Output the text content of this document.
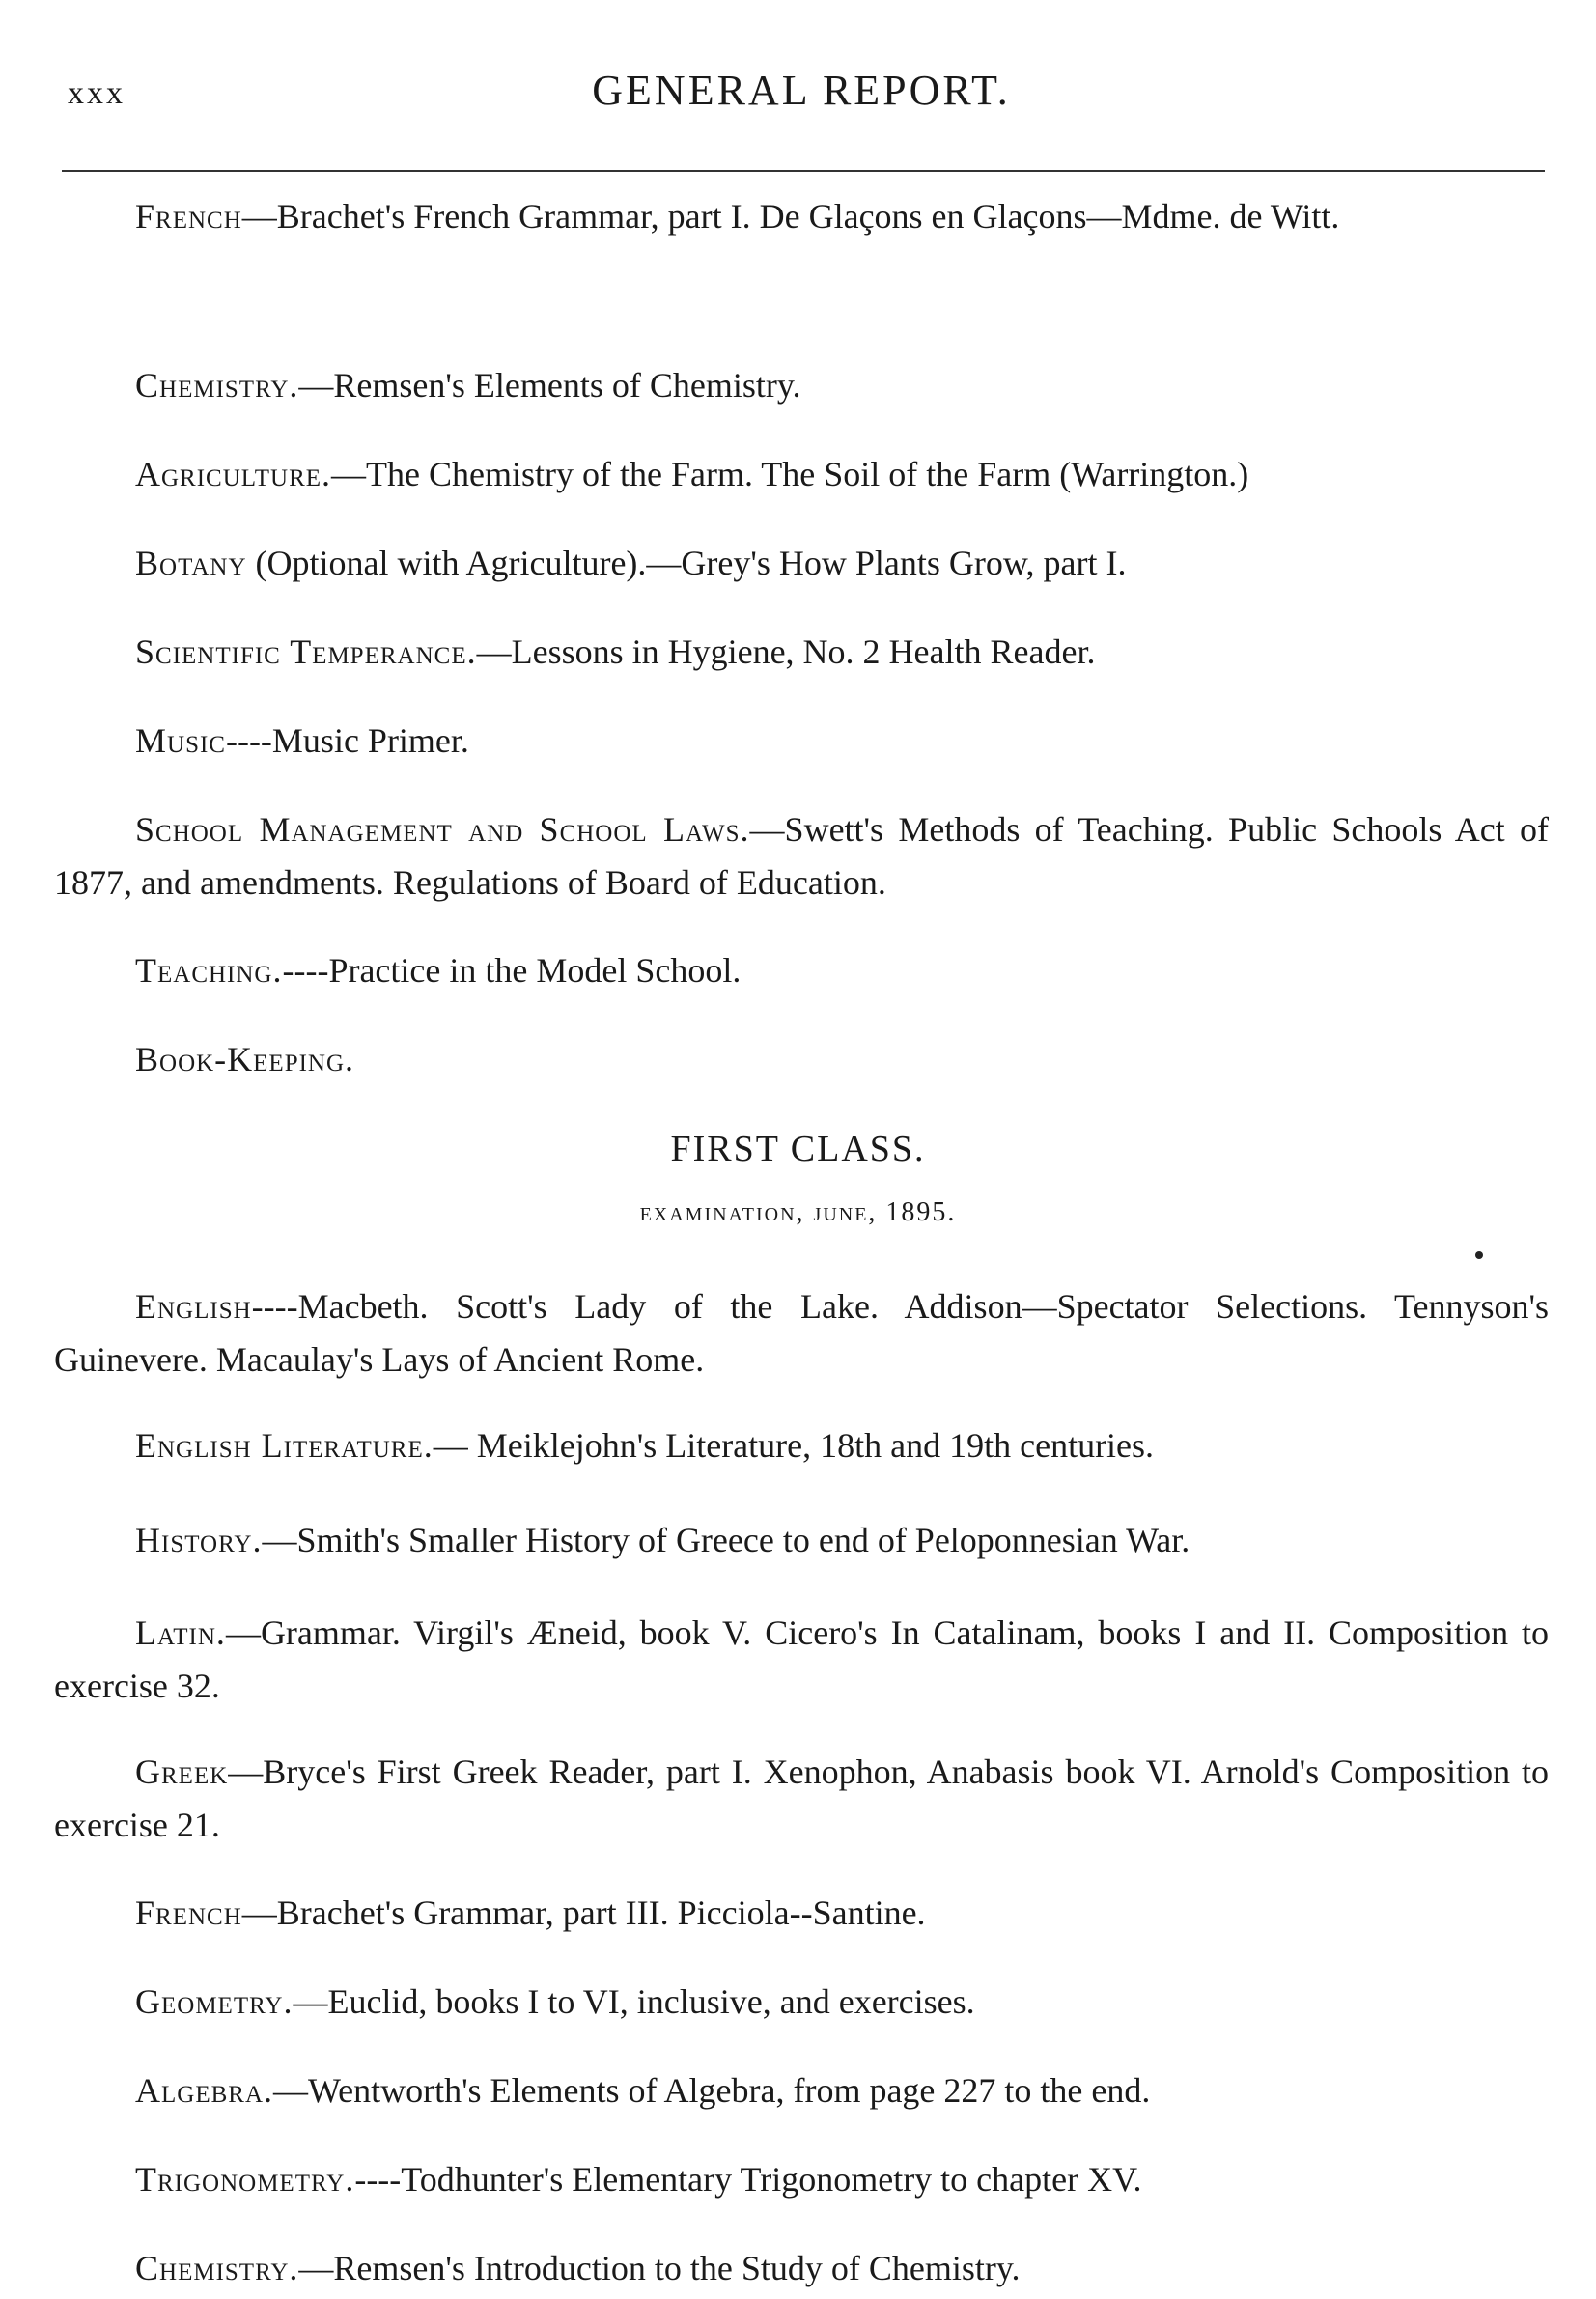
xxx	GENERAL REPORT.

French—Brachet's French Grammar, part I. De Glaçons en Glaçons—Mdme. de Witt.

Chemistry.—Remsen's Elements of Chemistry.

Agriculture.—The Chemistry of the Farm. The Soil of the Farm (Warrington.)

Botany (Optional with Agriculture).—Grey's How Plants Grow, part I.

Scientific Temperance.—Lessons in Hygiene, No. 2 Health Reader.

Music----Music Primer.

School Management and School Laws.—Swett's Methods of Teaching. Public Schools Act of 1877, and amendments. Regulations of Board of Education.

Teaching.----Practice in the Model School.

Book-Keeping.

FIRST CLASS.
examination, june, 1895.

English----Macbeth. Scott's Lady of the Lake. Addison—Spectator Selections. Tennyson's Guinevere. Macaulay's Lays of Ancient Rome.

English Literature.— Meiklejohn's Literature, 18th and 19th centuries.

History.—Smith's Smaller History of Greece to end of Peloponnesian War.

Latin.—Grammar. Virgil's Æneid, book V. Cicero's In Catalinam, books I and II. Composition to exercise 32.

Greek—Bryce's First Greek Reader, part I. Xenophon, Anabasis book VI. Arnold's Composition to exercise 21.

French—Brachet's Grammar, part III. Picciola--Santine.

Geometry.—Euclid, books I to VI, inclusive, and exercises.

Algebra.—Wentworth's Elements of Algebra, from page 227 to the end.

Trigonometry.----Todhunter's Elementary Trigonometry to chapter XV.

Chemistry.—Remsen's Introduction to the Study of Chemistry.
